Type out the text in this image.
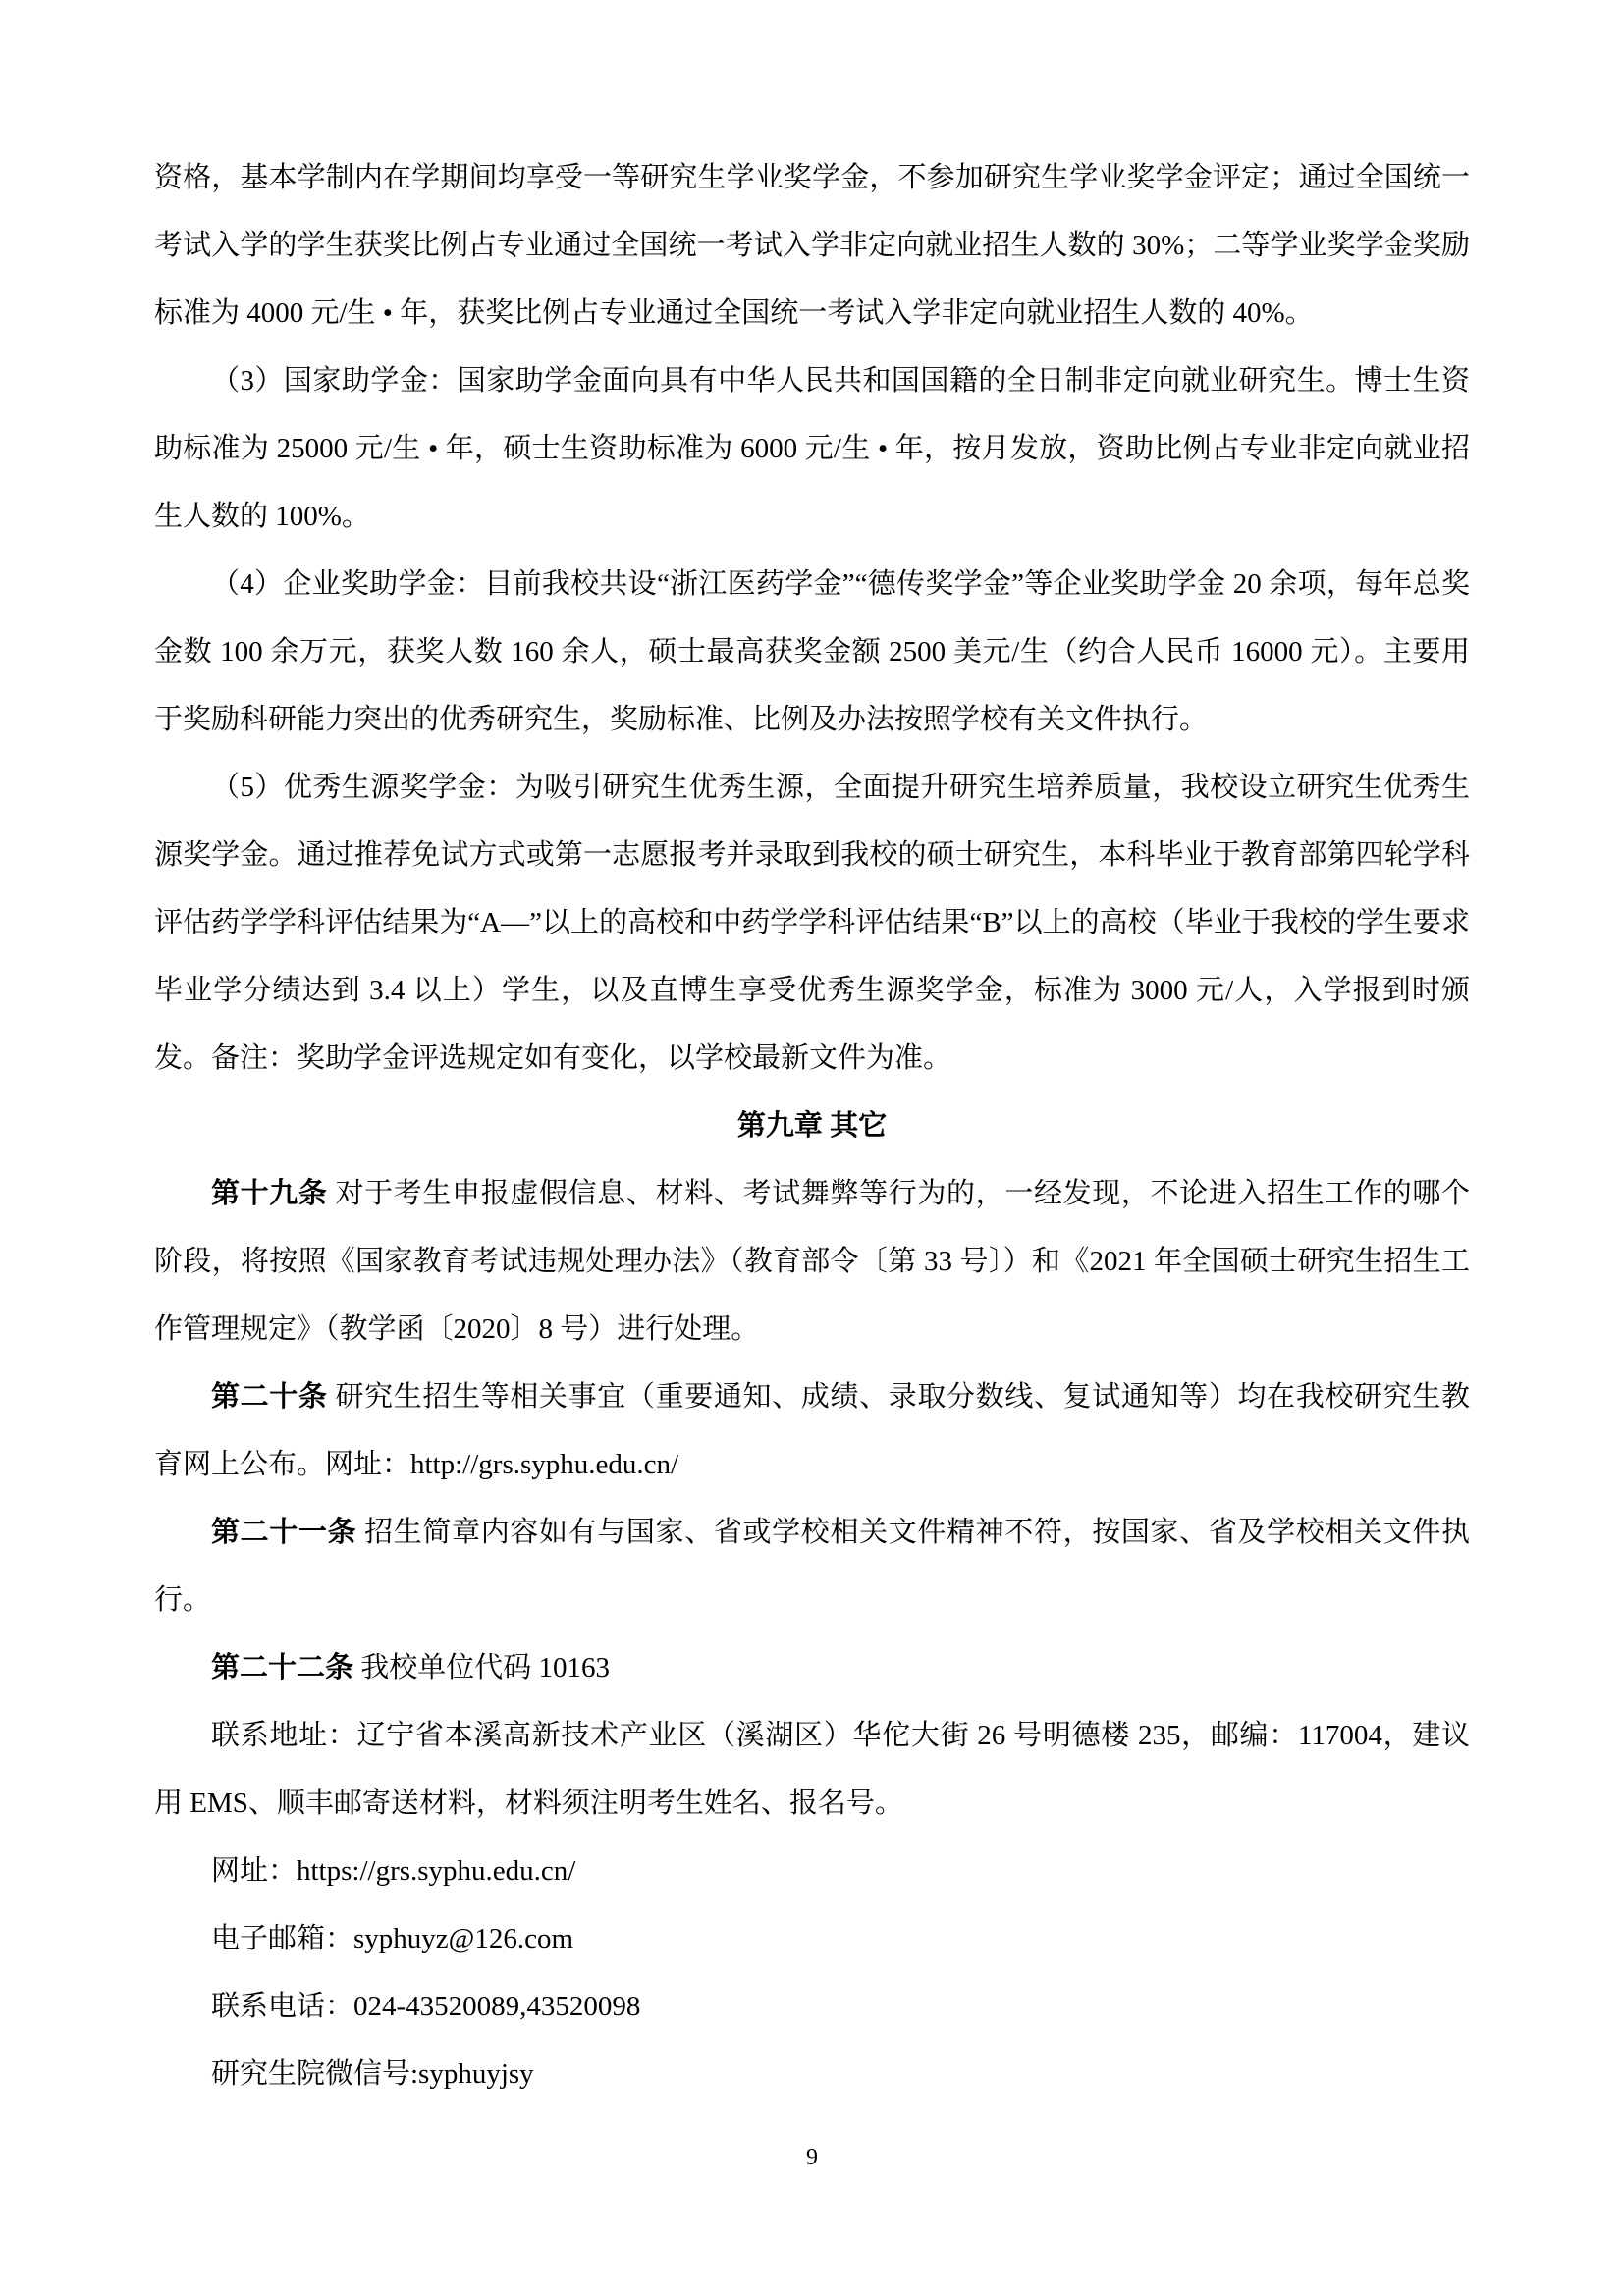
资格，基本学制内在学期间均享受一等研究生学业奖学金，不参加研究生学业奖学金评定；通过全国统一考试入学的学生获奖比例占专业通过全国统一考试入学非定向就业招生人数的 30%；二等学业奖学金奖励标准为 4000 元/生 • 年，获奖比例占专业通过全国统一考试入学非定向就业招生人数的 40%。

（3）国家助学金：国家助学金面向具有中华人民共和国国籍的全日制非定向就业研究生。博士生资助标准为 25000 元/生 • 年，硕士生资助标准为 6000 元/生 • 年，按月发放，资助比例占专业非定向就业招生人数的 100%。

（4）企业奖助学金：目前我校共设“浙江医药学金”“德传奖学金”等企业奖助学金 20 余项，每年总奖金数 100 余万元，获奖人数 160 余人，硕士最高获奖金额 2500 美元/生（约合人民币 16000 元）。主要用于奖励科研能力突出的优秀研究生，奖励标准、比例及办法按照学校有关文件执行。

（5）优秀生源奖学金：为吸引研究生优秀生源，全面提升研究生培养质量，我校设立研究生优秀生源奖学金。通过推荐免试方式或第一志愿报考并录取到我校的硕士研究生，本科毕业于教育部第四轮学科评估药学学科评估结果为“A—”以上的高校和中药学学科评估结果“B”以上的高校（毕业于我校的学生要求毕业学分绩达到 3.4 以上）学生，以及直博生享受优秀生源奖学金，标准为 3000 元/人，入学报到时颁发。备注：奖助学金评选规定如有变化，以学校最新文件为准。

第九章 其它

第十九条 对于考生申报虚假信息、材料、考试舞弊等行为的，一经发现，不论进入招生工作的哪个阶段，将按照《国家教育考试违规处理办法》（教育部令〔第 33 号〕）和《2021 年全国硕士研究生招生工作管理规定》（教学函〔2020〕8 号）进行处理。

第二十条 研究生招生等相关事宜（重要通知、成绩、录取分数线、复试通知等）均在我校研究生教育网上公布。网址：http://grs.syphu.edu.cn/

第二十一条 招生简章内容如有与国家、省或学校相关文件精神不符，按国家、省及学校相关文件执行。

第二十二条 我校单位代码 10163

联系地址：辽宁省本溪高新技术产业区（溪湖区）华佗大街 26 号明德楼 235，邮编：117004，建议用 EMS、顺丰邮寄送材料，材料须注明考生姓名、报名号。

网址：https://grs.syphu.edu.cn/

电子邮箱：syphuyz@126.com

联系电话：024-43520089,43520098

研究生院微信号:syphuyjsy

9
